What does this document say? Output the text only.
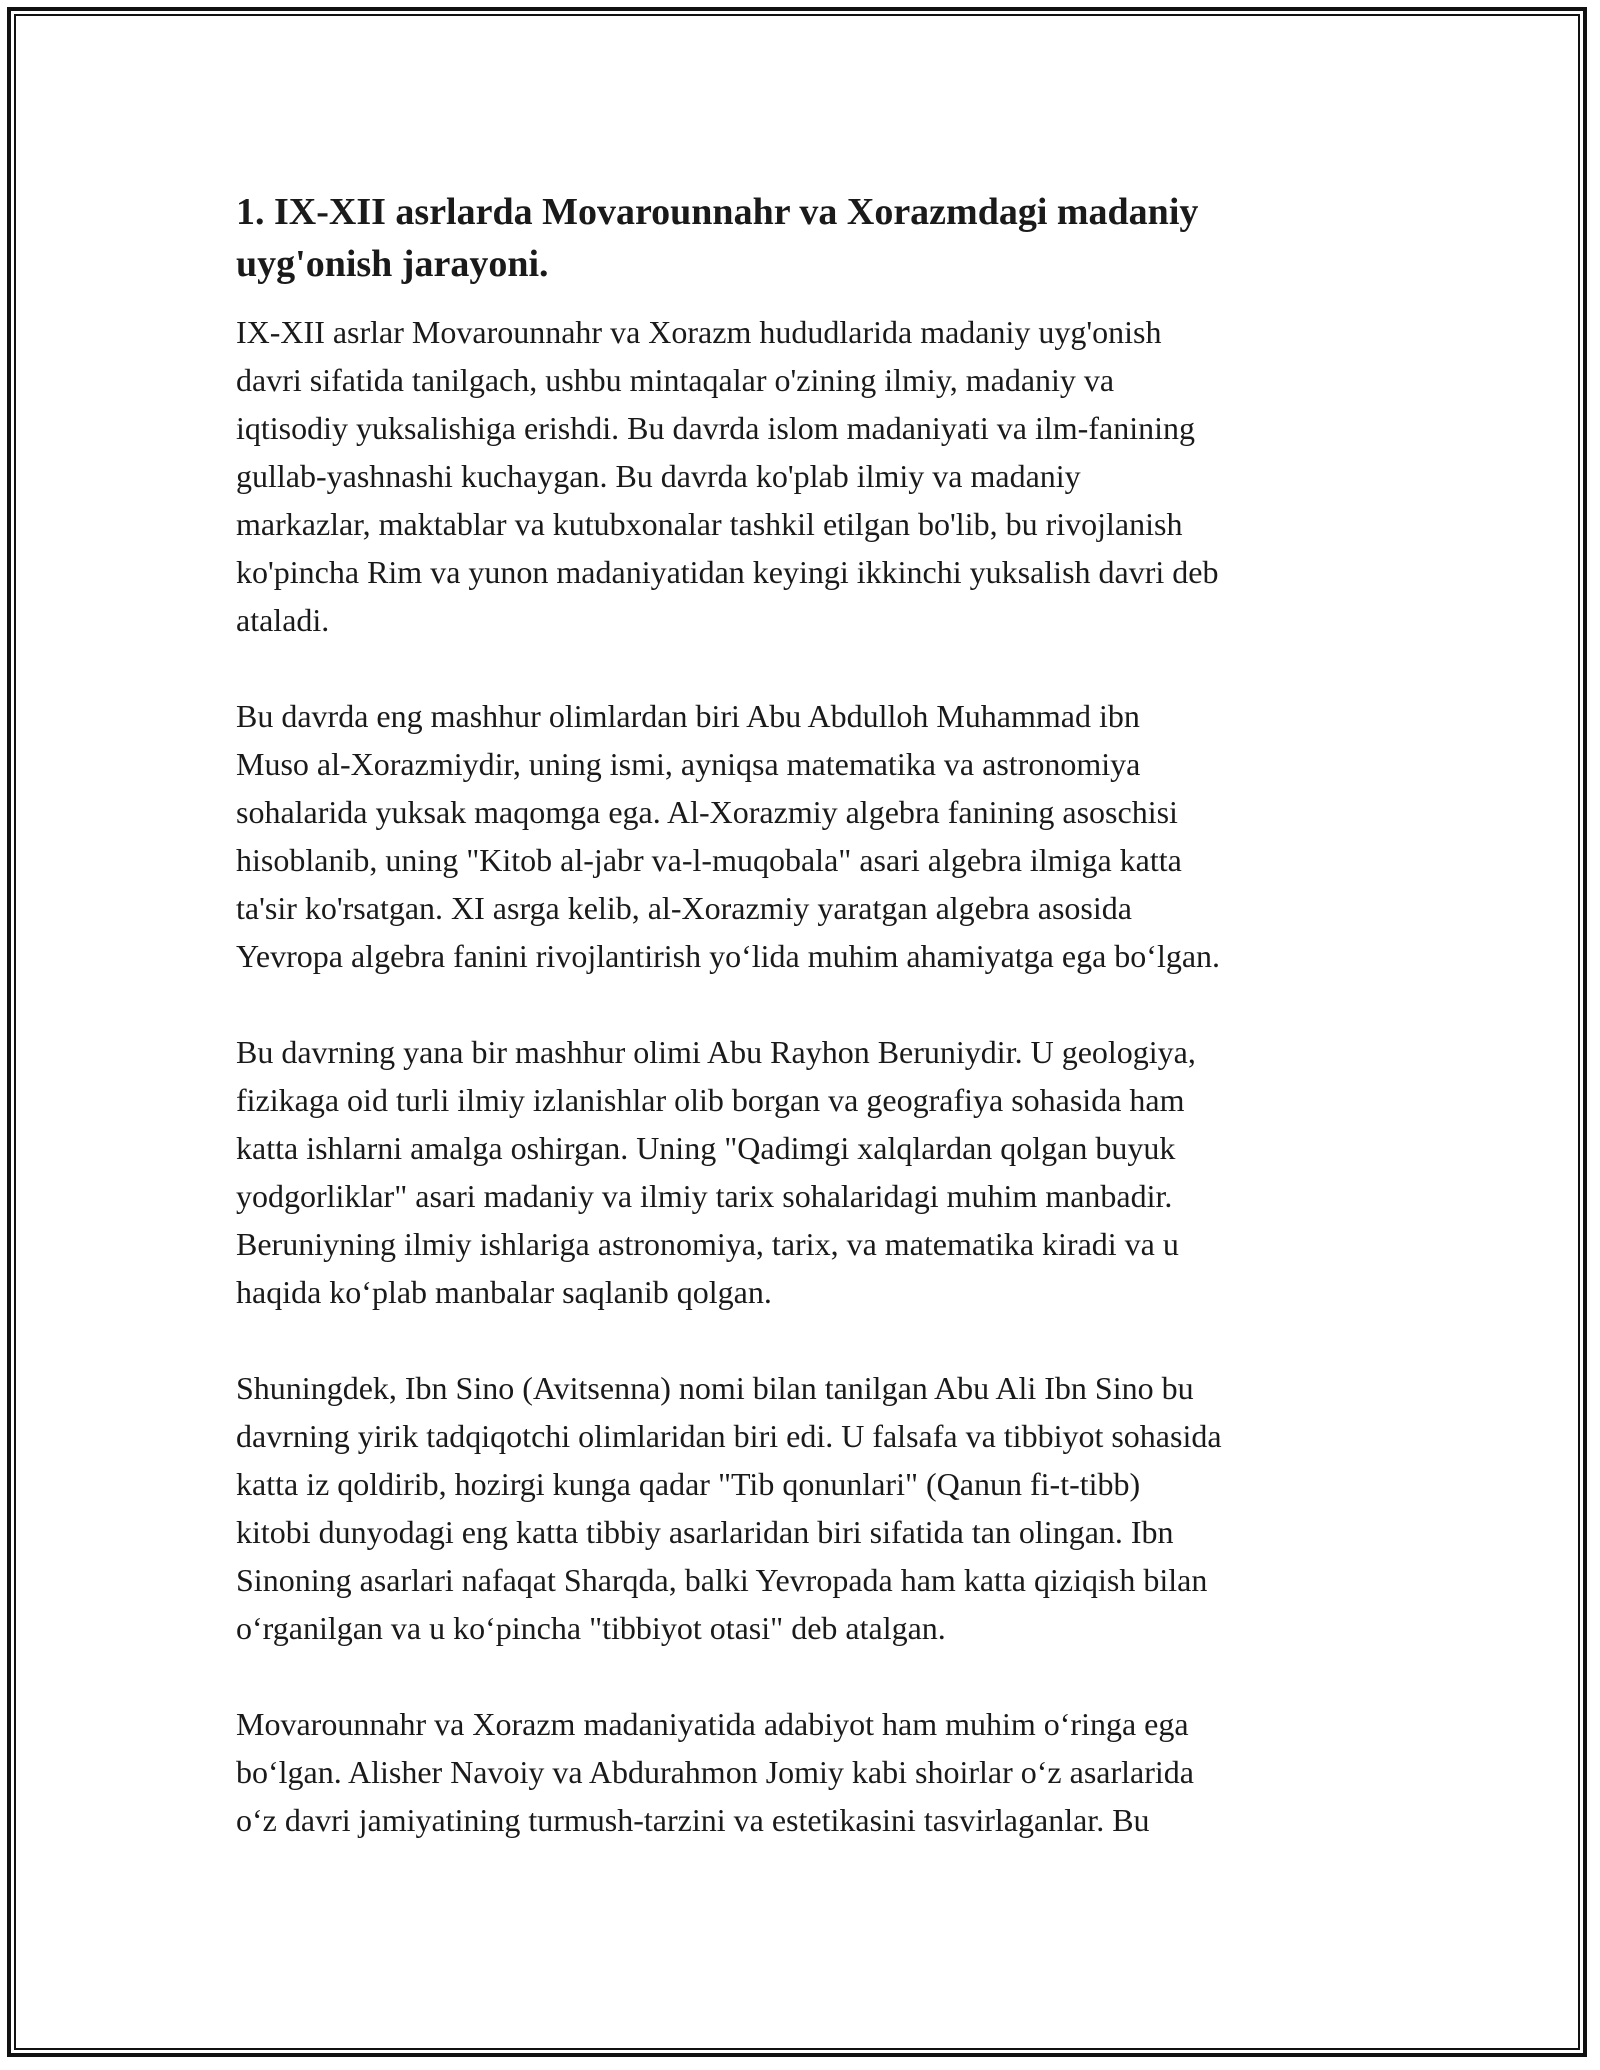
1. IX-XII asrlarda Movarounnahr va Xorazmdagi madaniy
uyg'onish jarayoni.

IX-XII asrlar Movarounnahr va Xorazm hududlarida madaniy uyg'onish
davri sifatida tanilgach, ushbu mintaqalar o'zining ilmiy, madaniy va
iqtisodiy yuksalishiga erishdi. Bu davrda islom madaniyati va ilm-fanining
gullab-yashnashi kuchaygan. Bu davrda ko'plab ilmiy va madaniy
markazlar, maktablar va kutubxonalar tashkil etilgan bo'lib, bu rivojlanish
ko'pincha Rim va yunon madaniyatidan keyingi ikkinchi yuksalish davri deb
ataladi.

Bu davrda eng mashhur olimlardan biri Abu Abdulloh Muhammad ibn
Muso al-Xorazmiydir, uning ismi, ayniqsa matematika va astronomiya
sohalarida yuksak maqomga ega. Al-Xorazmiy algebra fanining asoschisi
hisoblanib, uning "Kitob al-jabr va-l-muqobala" asari algebra ilmiga katta
ta'sir ko'rsatgan. XI asrga kelib, al-Xorazmiy yaratgan algebra asosida
Yevropa algebra fanini rivojlantirish yo‘lida muhim ahamiyatga ega bo‘lgan.

Bu davrning yana bir mashhur olimi Abu Rayhon Beruniydir. U geologiya,
fizikaga oid turli ilmiy izlanishlar olib borgan va geografiya sohasida ham
katta ishlarni amalga oshirgan. Uning "Qadimgi xalqlardan qolgan buyuk
yodgorliklar" asari madaniy va ilmiy tarix sohalaridagi muhim manbadir.
Beruniyning ilmiy ishlariga astronomiya, tarix, va matematika kiradi va u
haqida ko‘plab manbalar saqlanib qolgan.

Shuningdek, Ibn Sino (Avitsenna) nomi bilan tanilgan Abu Ali Ibn Sino bu
davrning yirik tadqiqotchi olimlaridan biri edi. U falsafa va tibbiyot sohasida
katta iz qoldirib, hozirgi kunga qadar "Tib qonunlari" (Qanun fi-t-tibb)
kitobi dunyodagi eng katta tibbiy asarlaridan biri sifatida tan olingan. Ibn
Sinoning asarlari nafaqat Sharqda, balki Yevropada ham katta qiziqish bilan
o‘rganilgan va u ko‘pincha "tibbiyot otasi" deb atalgan.

Movarounnahr va Xorazm madaniyatida adabiyot ham muhim o‘ringa ega
bo‘lgan. Alisher Navoiy va Abdurahmon Jomiy kabi shoirlar o‘z asarlarida
o‘z davri jamiyatining turmush-tarzini va estetikasini tasvirlaganlar. Bu
